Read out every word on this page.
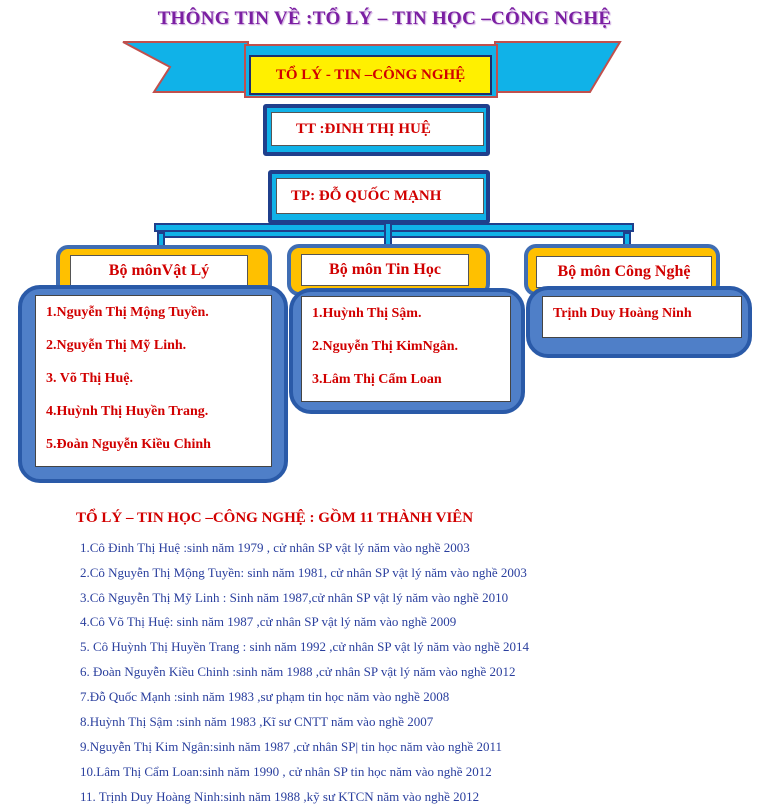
THÔNG TIN VỀ :TỔ LÝ – TIN HỌC –CÔNG NGHỆ
TỔ LÝ - TIN –CÔNG NGHỆ
TT :ĐINH THỊ HUỆ
TP: ĐỖ QUỐC MẠNH
Bộ mônVật Lý
1.Nguyễn Thị Mộng Tuyền.
2.Nguyễn Thị Mỹ Linh.
3. Võ Thị Huệ.
4.Huỳnh Thị Huyền Trang.
5.Đoàn Nguyễn Kiều Chinh
Bộ môn Tin Học
1.Huỳnh Thị Sậm.
2.Nguyễn Thị KimNgân.
3.Lâm Thị Cẩm Loan
Bộ môn Công Nghệ
Trịnh Duy Hoàng Ninh
TỔ LÝ – TIN HỌC –CÔNG NGHỆ : GỒM 11 THÀNH VIÊN
1.Cô Đinh Thị Huệ :sinh năm 1979 , cử nhân SP vật lý năm vào nghề 2003
2.Cô Nguyễn Thị Mộng Tuyền: sinh năm 1981, cử nhân SP vật lý năm vào nghề 2003
3.Cô Nguyễn Thị Mỹ Linh : Sinh năm 1987,cử nhân SP vật lý năm vào nghề 2010
4.Cô Võ Thị Huệ: sinh năm 1987 ,cử nhân SP vật lý năm vào nghề 2009
5. Cô Huỳnh Thị Huyền Trang : sinh năm 1992 ,cử nhân SP vật lý năm vào nghề 2014
6. Đoàn Nguyễn Kiều Chinh :sinh năm 1988 ,cử nhân SP vật lý năm vào nghề 2012
7.Đỗ Quốc Mạnh :sinh năm 1983 ,sư phạm tin học năm vào nghề 2008
8.Huỳnh Thị Sậm :sinh năm 1983 ,Kĩ sư CNTT năm vào nghề 2007
9.Nguyễn Thị Kim Ngân:sinh năm 1987 ,cử nhân SP| tin học năm vào nghề 2011
10.Lâm Thị Cẩm Loan:sinh năm 1990 , cử nhân SP tin học năm vào nghề 2012
11. Trịnh Duy Hoàng Ninh:sinh năm 1988 ,kỹ sư KTCN năm vào nghề 2012
